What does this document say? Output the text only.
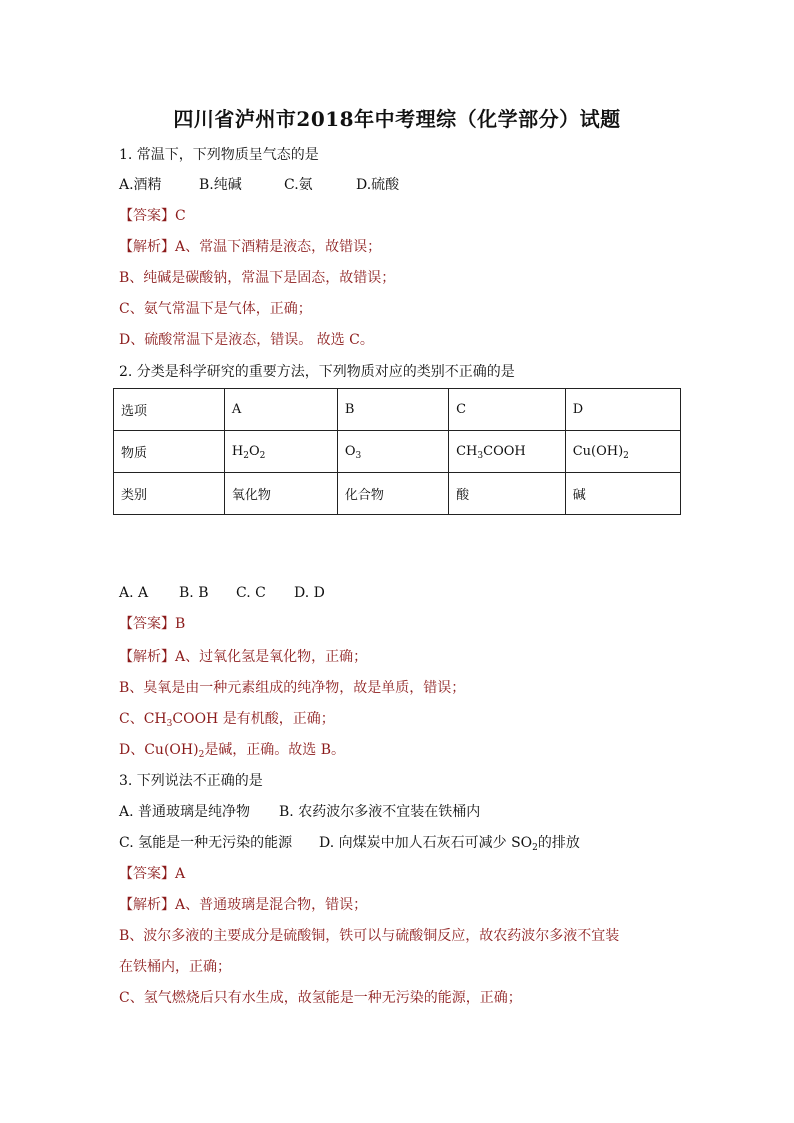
四川省泸州市2018年中考理综（化学部分）试题
1. 常温下，下列物质呈气态的是
A.酒精	B.纯碱	C.氨	D.硫酸
【答案】C
【解析】A、常温下酒精是液态，故错误；
B、纯碱是碳酸钠，常温下是固态，故错误；
C、氨气常温下是气体，正确；
D、硫酸常温下是液态，错误。 故选 C。
2. 分类是科学研究的重要方法，下列物质对应的类别不正确的是
选项	A	B	C	D
物质	$H_2O_2$	$O_3$	$CH_3COOH$	$Cu(OH)_2$
类别	氧化物	化合物	酸	碱
A. A B. B C. C D. D
【答案】B
【解析】A、过氧化氢是氧化物，正确；
B、臭氧是由一种元素组成的纯净物，故是单质，错误；
C、$CH_3COOH$ 是有机酸，正确；
D、$Cu(OH)_2$是碱，正确。故选 B。
3. 下列说法不正确的是
A. 普通玻璃是纯净物 B. 农药波尔多液不宜装在铁桶内
C. 氢能是一种无污染的能源 D. 向煤炭中加人石灰石可减少 $SO_2$的排放
【答案】A
【解析】A、普通玻璃是混合物，错误；
B、波尔多液的主要成分是硫酸铜，铁可以与硫酸铜反应，故农药波尔多液不宜装
在铁桶内，正确；
C、氢气燃烧后只有水生成，故氢能是一种无污染的能源，正确；
